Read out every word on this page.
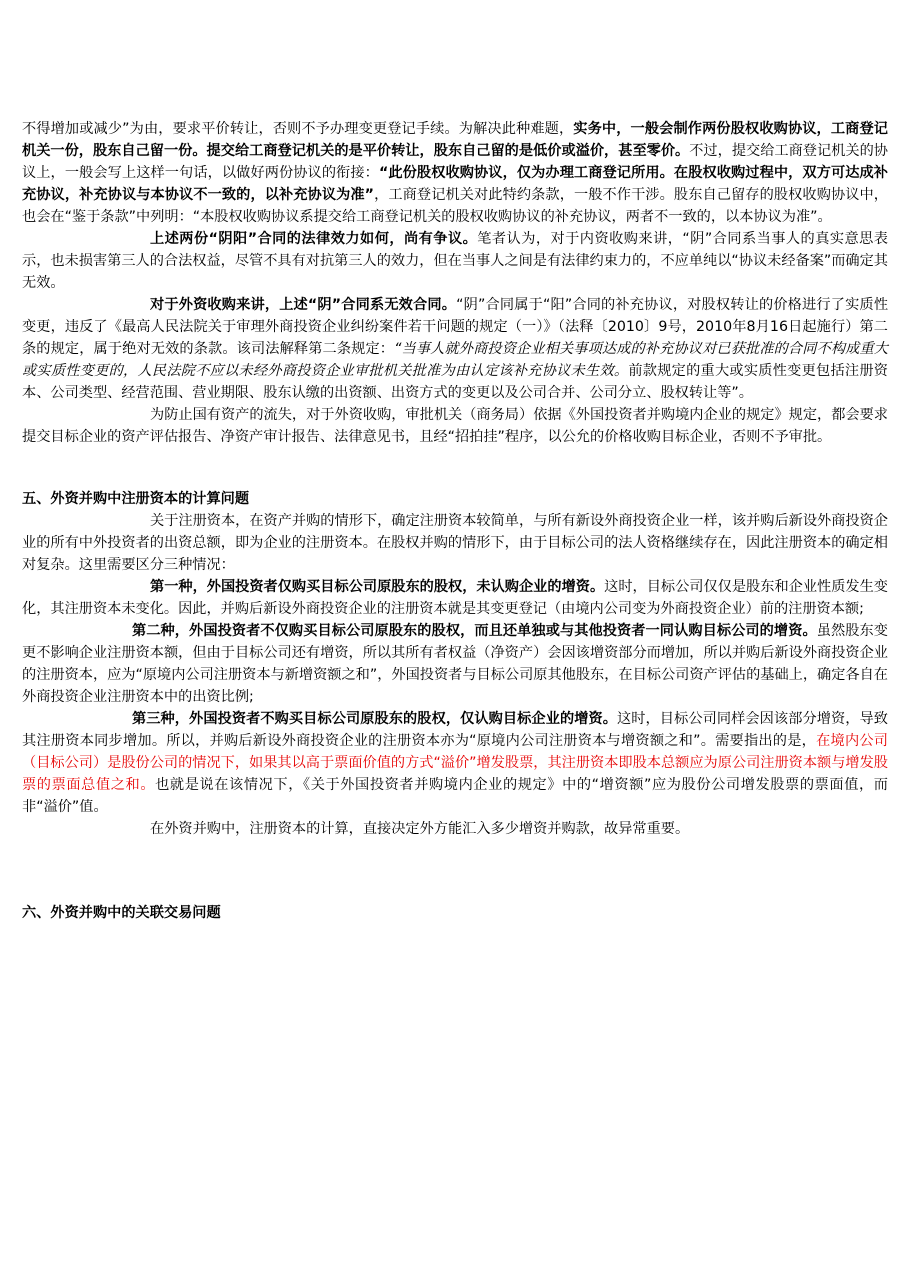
不得增加或减少”为由，要求平价转让，否则不予办理变更登记手续。为解决此种难题，实务中，一般会制作两份股权收购协议，工商登记机关一份，股东自己留一份。提交给工商登记机关的是平价转让，股东自己留的是低价或溢价，甚至零价。不过，提交给工商登记机关的协议上，一般会写上这样一句话，以做好两份协议的衔接：“此份股权收购协议，仅为办理工商登记所用。在股权收购过程中，双方可达成补充协议，补充协议与本协议不一致的，以补充协议为准”，工商登记机关对此特约条款，一般不作干涉。股东自己留存的股权收购协议中，也会在“鉴于条款”中列明：“本股权收购协议系提交给工商登记机关的股权收购协议的补充协议，两者不一致的，以本协议为准”。

上述两份“阴阳”合同的法律效力如何，尚有争议。笔者认为，对于内资收购来讲，“阴”合同系当事人的真实意思表示，也未损害第三人的合法权益，尽管不具有对抗第三人的效力，但在当事人之间是有法律约束力的，不应单纯以“协议未经备案”而确定其无效。

对于外资收购来讲，上述“阴”合同系无效合同。“阴”合同属于“阳”合同的补充协议，对股权转让的价格进行了实质性变更，违反了《最高人民法院关于审理外商投资企业纠纷案件若干问题的规定（一）》（法释〔2010〕9号，2010年8月16日起施行）第二条的规定，属于绝对无效的条款。该司法解释第二条规定：“当事人就外商投资企业相关事项达成的补充协议对已获批准的合同不构成重大或实质性变更的，人民法院不应以未经外商投资企业审批机关批准为由认定该补充协议未生效。前款规定的重大或实质性变更包括注册资本、公司类型、经营范围、营业期限、股东认缴的出资额、出资方式的变更以及公司合并、公司分立、股权转让等”。

为防止国有资产的流失，对于外资收购，审批机关（商务局）依据《外国投资者并购境内企业的规定》规定，都会要求提交目标企业的资产评估报告、净资产审计报告、法律意见书，且经“招拍挂”程序，以公允的价格收购目标企业，否则不予审批。

五、外资并购中注册资本的计算问题

关于注册资本，在资产并购的情形下，确定注册资本较简单，与所有新设外商投资企业一样，该并购后新设外商投资企业的所有中外投资者的出资总额，即为企业的注册资本。在股权并购的情形下，由于目标公司的法人资格继续存在，因此注册资本的确定相对复杂。这里需要区分三种情况：

第一种，外国投资者仅购买目标公司原股东的股权，未认购企业的增资。这时，目标公司仅仅是股东和企业性质发生变化，其注册资本未变化。因此，并购后新设外商投资企业的注册资本就是其变更登记（由境内公司变为外商投资企业）前的注册资本额;

第二种，外国投资者不仅购买目标公司原股东的股权，而且还单独或与其他投资者一同认购目标公司的增资。虽然股东变更不影响企业注册资本额，但由于目标公司还有增资，所以其所有者权益（净资产）会因该增资部分而增加，所以并购后新设外商投资企业的注册资本，应为“原境内公司注册资本与新增资额之和”，外国投资者与目标公司原其他股东，在目标公司资产评估的基础上，确定各自在外商投资企业注册资本中的出资比例;

第三种，外国投资者不购买目标公司原股东的股权，仅认购目标企业的增资。这时，目标公司同样会因该部分增资，导致其注册资本同步增加。所以，并购后新设外商投资企业的注册资本亦为“原境内公司注册资本与增资额之和”。需要指出的是，在境内公司（目标公司）是股份公司的情况下，如果其以高于票面价值的方式“溢价”增发股票，其注册资本即股本总额应为原公司注册资本额与增发股票的票面总值之和。也就是说在该情况下，《关于外国投资者并购境内企业的规定》中的“增资额”应为股份公司增发股票的票面值，而非“溢价”值。

在外资并购中，注册资本的计算，直接决定外方能汇入多少增资并购款，故异常重要。

六、外资并购中的关联交易问题
